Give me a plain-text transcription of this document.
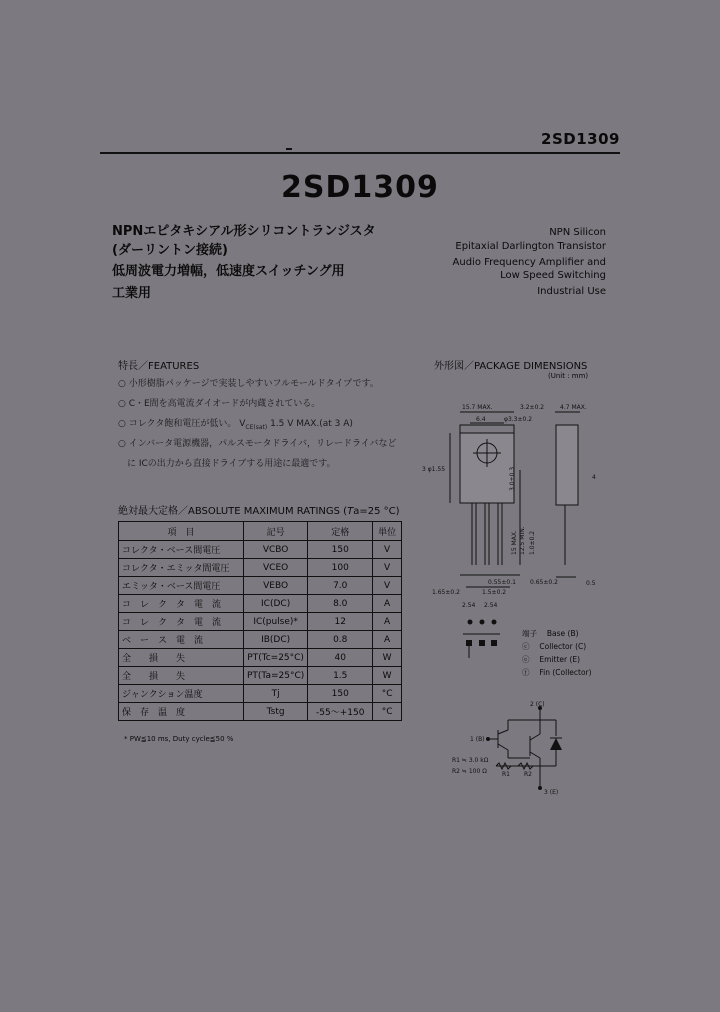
2SD1309
2SD1309
NPNエピタキシアル形シリコントランジスタ
(ダーリントン接続)
低周波電力増幅，低速度スイッチング用
工業用
NPN Silicon
Epitaxial Darlington Transistor
Audio Frequency Amplifier and
Low Speed Switching
Industrial Use
特長／FEATURES
○ 小形樹脂パッケージで実装しやすいフルモールドタイプです。
○ C・E間を高電流ダイオードが内蔵されている。
○ コレクタ飽和電圧が低い。 $V_{CE(sat)}$ 1.5 V MAX.(at 3 A)
○ インバータ電源機器，パルスモータドライバ，リレードライバなど
　に ICの出力から直接ドライブする用途に最適です。
絶対最大定格／ABSOLUTE MAXIMUM RATINGS (Ta=25 °C)
項　目	記号	定格	単位
コレクタ・ベース間電圧	VCBO	150	V
コレクタ・エミッタ間電圧	VCEO	100	V
エミッタ・ベース間電圧	VEBO	7.0	V
コ　レ　ク　タ　電　流	IC(DC)	8.0	A
コ　レ　ク　タ　電　流	IC(pulse)*	12	A
ベ　ー　ス　電　流	IB(DC)	0.8	A
全　　損　　失	PT(Tc=25°C)	40	W
全　　損　　失	PT(Ta=25°C)	1.5	W
ジャンクション温度	Tj	150	°C
保　存　温　度	Tstg	-55～+150	°C
* PW≦10 ms, Duty cycle≦50 %
外形図／PACKAGE DIMENSIONS
(Unit : mm)
15.7 MAX.
6.4	φ3.3±0.2
3.2±0.2	4.7 MAX.
3 φ1.55	3.0±0.3
15 MAX. 12.5 MIN. 1.0±0.2
0.55±0.1 0.65±0.2
1.65±0.2	1.5±0.2
2.54 2.54
0.5
4
端子　 Base (B)
ⓒ　 Collector (C)
ⓔ　 Emitter (E)
ⓕ　 Fin (Collector)
2 (C)
1 (B)
3 (E)
R1 ≒ 3.0 kΩ
R2 ≒ 100 Ω	R1 R2
